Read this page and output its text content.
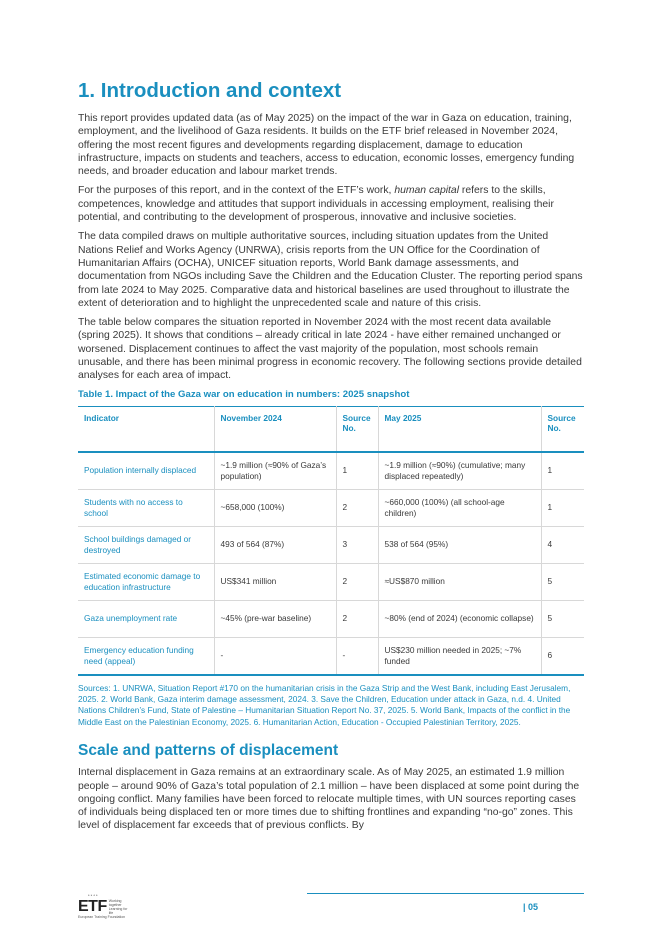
1. Introduction and context

This report provides updated data (as of May 2025) on the impact of the war in Gaza on education, training, employment, and the livelihood of Gaza residents. It builds on the ETF brief released in November 2024, offering the most recent figures and developments regarding displacement, damage to education infrastructure, impacts on students and teachers, access to education, economic losses, emergency funding needs, and broader education and labour market trends.

For the purposes of this report, and in the context of the ETF’s work, human capital refers to the skills, competences, knowledge and attitudes that support individuals in accessing employment, realising their potential, and contributing to the development of prosperous, innovative and inclusive societies.

The data compiled draws on multiple authoritative sources, including situation updates from the United Nations Relief and Works Agency (UNRWA), crisis reports from the UN Office for the Coordination of Humanitarian Affairs (OCHA), UNICEF situation reports, World Bank damage assessments, and documentation from NGOs including Save the Children and the Education Cluster. The reporting period spans from late 2024 to May 2025. Comparative data and historical baselines are used throughout to illustrate the extent of deterioration and to highlight the unprecedented scale and nature of this crisis.

The table below compares the situation reported in November 2024 with the most recent data available (spring 2025). It shows that conditions – already critical in late 2024 - have either remained unchanged or worsened. Displacement continues to affect the vast majority of the population, most schools remain unusable, and there has been minimal progress in economic recovery. The following sections provide detailed analyses for each area of impact.

Table 1. Impact of the Gaza war on education in numbers: 2025 snapshot
Indicator	November 2024	Source No.	May 2025	Source No.
Population internally displaced	~1.9 million (≈90% of Gaza’s population)	1	~1.9 million (≈90%) (cumulative; many displaced repeatedly)	1
Students with no access to school	~658,000 (100%)	2	~660,000 (100%) (all school-age children)	1
School buildings damaged or destroyed	493 of 564 (87%)	3	538 of 564 (95%)	4
Estimated economic damage to education infrastructure	US$341 million	2	≈US$870 million	5
Gaza unemployment rate	~45% (pre-war baseline)	2	~80% (end of 2024) (economic collapse)	5
Emergency education funding need (appeal)	-	-	US$230 million needed in 2025; ~7% funded	6
Sources: 1. UNRWA, Situation Report #170 on the humanitarian crisis in the Gaza Strip and the West Bank, including East Jerusalem, 2025. 2. World Bank, Gaza interim damage assessment, 2024. 3. Save the Children, Education under attack in Gaza, n.d. 4. United Nations Children’s Fund, State of Palestine – Humanitarian Situation Report No. 37, 2025. 5. World Bank, Impacts of the conflict in the Middle East on the Palestinian Economy, 2025. 6. Humanitarian Action, Education - Occupied Palestinian Territory, 2025.
Scale and patterns of displacement

Internal displacement in Gaza remains at an extraordinary scale. As of May 2025, an estimated 1.9 million people – around 90% of Gaza’s total population of 2.1 million – have been displaced at some point during the ongoing conflict. Many families have been forced to relocate multiple times, with UN sources reporting cases of individuals being displaced ten or more times due to shifting frontlines and expanding “no-go” zones. This level of displacement far exceeds that of previous conflicts. By

* * * *
ETF Working together Learning for life
European Training Foundation
| 05
